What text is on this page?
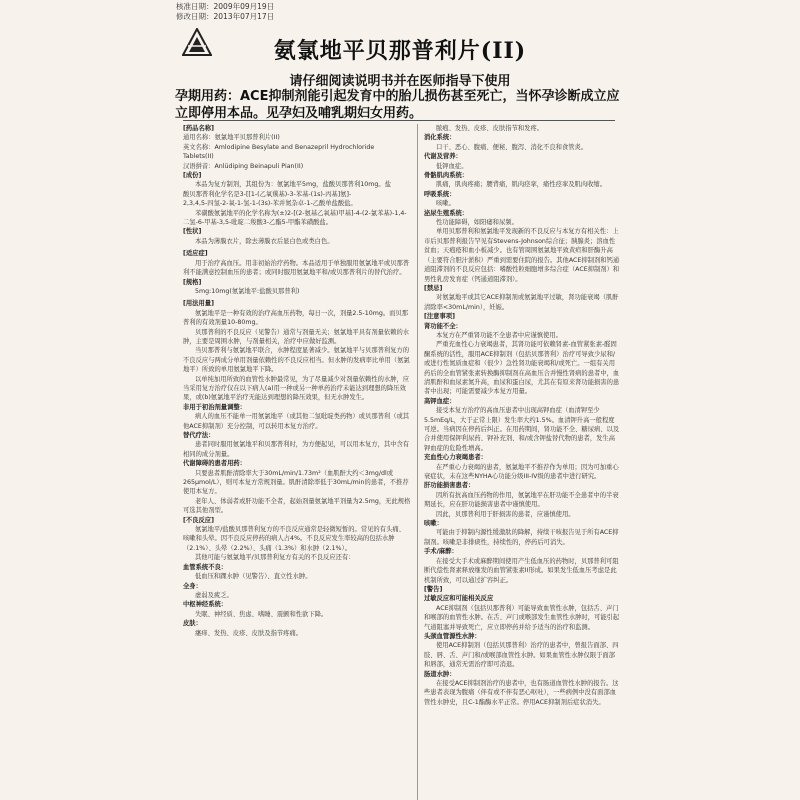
核准日期：2009年09月19日
修改日期：2013年07月17日
氨氯地平贝那普利片(II)
请仔细阅读说明书并在医师指导下使用
孕期用药：ACE抑制剂能引起发育中的胎儿损伤甚至死亡，当怀孕诊断成立应
立即停用本品。见孕妇及哺乳期妇女用药。

[药品名称]

通用名称：氨氯地平贝那普利片(II)

英文名称：Amlodipine Besylate and Benazepril Hydrochloride

Tablets(II)

汉语拼音：Anlüdiping Beinapuli Pian(II)

[成份]

本品为复方制剂，其组份为：氨氯地平5mg，盐酸贝那普利10mg。盐

酸贝那普利化学名是3-[[1-(乙氧羰基)-3-苯基-(1s)-丙基]氨]-

2,3,4,5-四氢-2-氧-1-氢-1-(3s)-苯并氮杂卓-1-乙酸单盐酸盐。

苯磺酸氨氯地平的化学名称为(±)2-[(2-氨基乙氧基)甲基]-4-(2-氯苯基)-1,4-二氢-6-甲基-3,5-吡啶二羧酸3-乙酯5-甲酯苯磺酸盐。

[性状]

本品为薄膜衣片，除去薄膜衣后显白色或类白色。

[适应症]

用于治疗高血压。用非初始治疗药物。本品适用于单独服用氨氯地平或贝那普利不能满意控制血压的患者；或同时服用氨氯地平和/或贝那普利片的替代治疗。

[规格]

5mg:10mg(氨氯地平:盐酸贝那普利)

[用法用量]

氨氯地平是一种有效的治疗高血压药物，每日一次，剂量2.5-10mg。而贝那普利的有效剂量10-80mg。

贝那普利的不良反应（见警告）通常与剂量无关；氨氯地平具有剂量依赖的水肿，主要是周围水肿，与剂量相关，治疗中应做好监测。

当贝那普利与氨氯地平联合，水肿程度显著减少。氨氯地平与贝那普利复方的不良反应与两成分单用剂量依赖性的不良反应相当。但水肿的发病率比单用（氨氯地平）所致的单用氨氯地平下降。

以单纯加用所致的血管性水肿最常见，为了尽量减少对剂量依赖性的水肿，应当采用复方治疗仅在以下病人(a)用一种或另一种单药治疗未能达到理想的降压效果，或(b)氨氯地平治疗无能达到理想的降压效果，但无水肿发生。

非用于初治剂量调整：

病人的血压不能单一用氨氯地平（或其他二氢吡啶类药物）或贝那普利（或其他ACE抑制剂）充分控制，可以转用本复方治疗。

替代疗法：

患者同时服用氨氯地平和贝那普利时，为方便起见，可以用本复方，其中含有相同的成分剂量。

代谢障碍的患者用药：

只要患者肌酐清除率大于30mL/min/1.73m²（血肌酐大约＜3mg/dl或265μmol/L），则可本复方常规剂量。肌酐清除率低于30mL/min的患者，不推荐使用本复方。

老年人、体弱者或肝功能不全者，起始剂量氨氯地平剂量为2.5mg，无此规格可选其他剂型。

[不良反应]

氨氯地平/盐酸贝那普利复方的不良反应通常是轻微短暂的。常见的有头痛、咳嗽和头晕。因不良反应停药的病人占4%。不良反应发生率较高的包括水肿（2.1%）、头晕（2.2%）、头痛（1.3%）和水肿（2.1%）。

其他可能与氨氯地平/贝那普利复方有关的不良反应还有：

血管系统不良：

低血压和踝水肿（见警告）、直立性水肿。

全身：

虚弱及疲乏。

中枢神经系统：

失眠、神经质、焦虑、嗜睡、震颤和性欲下降。

皮肤：

瘙痒、发热、皮疹、皮肤及指节疼痛。

脓疱、发热、皮疹、皮肤指节和发疼。

消化系统：

口干、恶心、腹痛、便秘、腹泻、消化不良和食管炎。

代谢及营养：

低钾血症。

骨骼肌肉系统：

肌痛，肌肉疼痛；腰背痛，肌肉痉挛，痛性痉挛及肌肉收缩。

呼吸系统：

咳嗽。

泌尿生殖系统：

性功能障碍，如阳痿和尿频。

单用贝那普利和氨氯地平发现新的不良反应与本复方有相关性：上市后贝那普利报告罕见有Stevens-Johnson综合征；胰腺炎；溶血性贫血；天疱疮和血小板减少。也有管周围氨氯地平致黄疸和肝酶升高（主要符合胆汁淤积）严重到需要住院的报告。其他ACE抑制剂和钙通道阻滞剂的不良反应包括：嗜酸性粒细胞增多综合症（ACE抑制剂）和男性乳房发育症（钙通道阻滞剂）。

[禁忌]

对氨氯地平或其它ACE抑制剂或氨氯地平过敏，肾功能衰竭（肌酐清除率<30mL/min），妊娠。

[注意事项]

肾功能不全：

本复方在严重肾功能不全患者中应谨慎使用。

严重充血性心力衰竭患者，其肾功能可依赖肾素-血管紧张素-醛固酮系统的活性，服用ACE抑制剂（包括贝那普利）治疗可导致少尿和/或进行性氮质血症和（很少）急性肾功能衰竭和/或死亡。一组有关用药后的全血管紧张素转换酶抑制剂在高血压合并慢性肾病的患者中，血清肌酐和血尿素氮升高，血尿和蛋白尿，尤其在有原来肾功能损害的患者中出现；可能需要减少本复方用量。

高钾血症：

接受本复方治疗的高血压患者中出现高钾血症（血清钾至少5.5mEq/L，大于正常上限）发生率大约1.5%。血清钾升高一般程度可逆。当病因在停药后纠正。在用药期间，肾功能不全、糖尿病、以及合并使用保钾利尿药、钾补充剂、和/或含钾盐替代物的患者，发生高钾血症的危险性增高。

充血性心力衰竭患者：

在严重心力衰竭的患者，氨氯地平不推荐作为单用；因为可加重心衰症状，未在这些NYHA心功能分级III-IV级的患者中进行研究。

肝功能损害患者：

因所有抗高血压药物的作用，氨氯地平在肝功能不全患者中的半衰期延长，应在肝功能损害患者中谨慎使用。

因此，贝那普利用于肝损害的患者，应谨慎使用。

咳嗽：

可能由于抑制内源性缓激肽的降解，持续干咳报告见于所有ACE抑制剂。咳嗽是非排痰性，持续性的，停药后可消失。

手术/麻醉：

在接受大手术或麻醉期间使用产生低血压的药物时，贝那普利可阻断代偿性肾素释放继发的血管紧张素II形成。如果发生低血压考虑是此机制所致，可以通过扩容纠正。

[警告]

过敏反应和可能相关反应

ACE抑制剂（包括贝那普利）可能导致血管性水肿，包括舌、声门和喉部的血管性水肿。在舌、声门或喉部发生血管性水肿时，可能引起气道阻塞并导致死亡，应立即停药并给予适当的治疗和监测。

头颈血管源性水肿：

使用ACE抑制剂（包括贝那普利）治疗的患者中，曾报告面部、四肢、唇、舌、声门和/或喉部血管性水肿。如果血管性水肿仅限于面部和唇部，通常无需治疗即可消退。

肠道水肿：

在接受ACE抑制剂治疗的患者中，也有肠道血管性水肿的报告。这些患者表现为腹痛（伴有或不伴有恶心呕吐），一些病例中没有面部血管性水肿史，且C-1酯酶水平正常。停用ACE抑制剂后症状消失。
